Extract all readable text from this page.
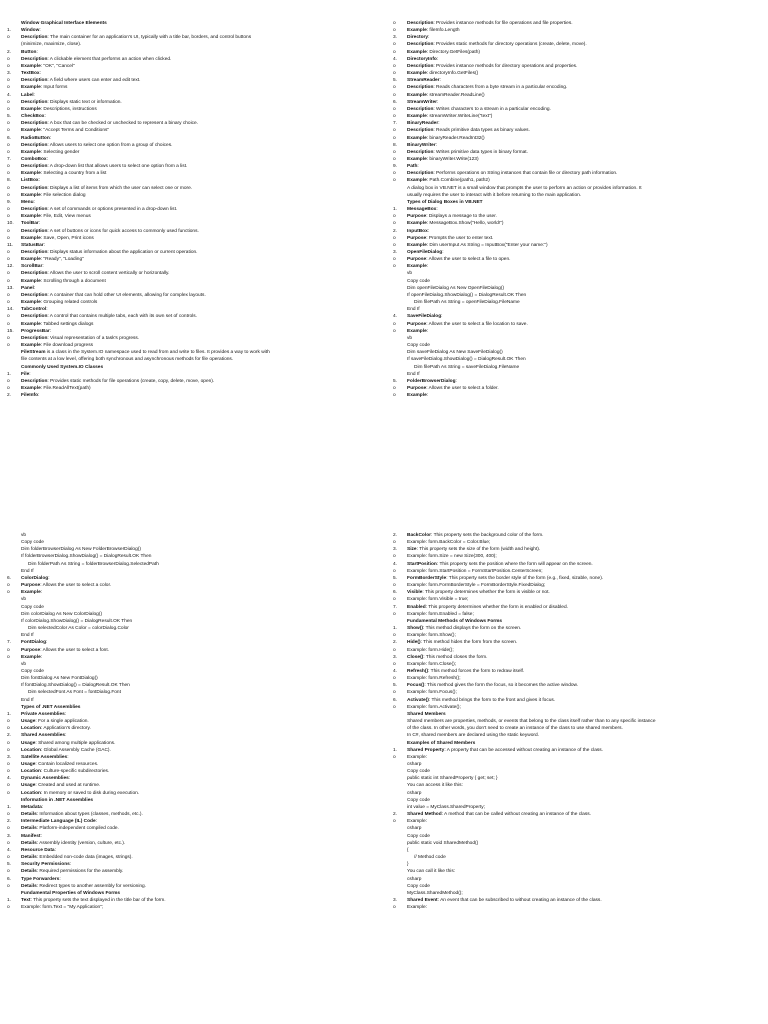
Window Graphical Interface Elements
1.	Window:
o	Description: The main container for an application's UI, typically with a title bar, borders, and control buttons
(minimize, maximize, close).
2.	Button:
o	Description: A clickable element that performs an action when clicked.
o	Example: "OK", "Cancel"
3.	TextBox:
o	Description: A field where users can enter and edit text.
o	Example: Input forms
4.	Label:
o	Description: Displays static text or information.
o	Example: Descriptions, instructions
5.	CheckBox:
o	Description: A box that can be checked or unchecked to represent a binary choice.
o	Example: "Accept Terms and Conditions"
6.	RadioButton:
o	Description: Allows users to select one option from a group of choices.
o	Example: Selecting gender
7.	ComboBox:
o	Description: A drop-down list that allows users to select one option from a list.
o	Example: Selecting a country from a list
8.	ListBox:
o	Description: Displays a list of items from which the user can select one or more.
o	Example: File selection dialog
9.	Menu:
o	Description: A set of commands or options presented in a drop-down list.
o	Example: File, Edit, View menus
10.	ToolBar:
o	Description: A set of buttons or icons for quick access to commonly used functions.
o	Example: Save, Open, Print icons
11.	StatusBar:
o	Description: Displays status information about the application or current operation.
o	Example: "Ready", "Loading"
12.	ScrollBar:
o	Description: Allows the user to scroll content vertically or horizontally.
o	Example: Scrolling through a document
13.	Panel:
o	Description: A container that can hold other UI elements, allowing for complex layouts.
o	Example: Grouping related controls
14.	TabControl:
o	Description: A control that contains multiple tabs, each with its own set of controls.
o	Example: Tabbed settings dialogs
15.	ProgressBar:
o	Description: Visual representation of a task's progress.
o	Example: File download progress
FileStream is a class in the System.IO namespace used to read from and write to files. It provides a way to work with
file contents at a low level, offering both synchronous and asynchronous methods for file operations.
Commonly Used System.IO Classes
1.	File:
o	Description: Provides static methods for file operations (create, copy, delete, move, open).
o	Example: File.ReadAllText(path)
2.	FileInfo:
o	Description: Provides instance methods for file operations and file properties.
o	Example: fileInfo.Length
3.	Directory:
o	Description: Provides static methods for directory operations (create, delete, move).
o	Example: Directory.GetFiles(path)
4.	DirectoryInfo:
o	Description: Provides instance methods for directory operations and properties.
o	Example: directoryInfo.GetFiles()
5.	StreamReader:
o	Description: Reads characters from a byte stream in a particular encoding.
o	Example: streamReader.ReadLine()
6.	StreamWriter:
o	Description: Writes characters to a stream in a particular encoding.
o	Example: streamWriter.WriteLine("text")
7.	BinaryReader:
o	Description: Reads primitive data types as binary values.
o	Example: binaryReader.ReadInt32()
8.	BinaryWriter:
o	Description: Writes primitive data types in binary format.
o	Example: binaryWriter.Write(123)
9.	Path:
o	Description: Performs operations on String instances that contain file or directory path information.
o	Example: Path.Combine(path1, path2)
A dialog box in VB.NET is a small window that prompts the user to perform an action or provides information. It
usually requires the user to interact with it before returning to the main application.
Types of Dialog Boxes in VB.NET
1.	MessageBox:
o	Purpose: Displays a message to the user.
o	Example: MessageBox.Show("Hello, world!")
2.	InputBox:
o	Purpose: Prompts the user to enter text.
o	Example: Dim userInput As String = InputBox("Enter your name:")
3.	OpenFileDialog:
o	Purpose: Allows the user to select a file to open.
o	Example:
vb
Copy code
Dim openFileDialog As New OpenFileDialog()
If openFileDialog.ShowDialog() = DialogResult.OK Then
Dim filePath As String = openFileDialog.FileName
End If
4.	SaveFileDialog:
o	Purpose: Allows the user to select a file location to save.
o	Example:
vb
Copy code
Dim saveFileDialog As New SaveFileDialog()
If saveFileDialog.ShowDialog() = DialogResult.OK Then
Dim filePath As String = saveFileDialog.FileName
End If
5.	FolderBrowserDialog:
o	Purpose: Allows the user to select a folder.
o	Example:
vb
Copy code
Dim folderBrowserDialog As New FolderBrowserDialog()
If folderBrowserDialog.ShowDialog() = DialogResult.OK Then
Dim folderPath As String = folderBrowserDialog.SelectedPath
End If
6.	ColorDialog:
o	Purpose: Allows the user to select a color.
o	Example:
vb
Copy code
Dim colorDialog As New ColorDialog()
If colorDialog.ShowDialog() = DialogResult.OK Then
Dim selectedColor As Color = colorDialog.Color
End If
7.	FontDialog:
o	Purpose: Allows the user to select a font.
o	Example:
vb
Copy code
Dim fontDialog As New FontDialog()
If fontDialog.ShowDialog() = DialogResult.OK Then
Dim selectedFont As Font = fontDialog.Font
End If
Types of .NET Assemblies
1.	Private Assemblies:
o	Usage: For a single application.
o	Location: Application's directory.
2.	Shared Assemblies:
o	Usage: Shared among multiple applications.
o	Location: Global Assembly Cache (GAC).
3.	Satellite Assemblies:
o	Usage: Contain localized resources.
o	Location: Culture-specific subdirectories.
4.	Dynamic Assemblies:
o	Usage: Created and used at runtime.
o	Location: In memory or saved to disk during execution.
Information in .NET Assemblies
1.	Metadata:
o	Details: Information about types (classes, methods, etc.).
2.	Intermediate Language (IL) Code:
o	Details: Platform-independent compiled code.
3.	Manifest:
o	Details: Assembly identity (version, culture, etc.).
4.	Resource Data:
o	Details: Embedded non-code data (images, strings).
5.	Security Permissions:
o	Details: Required permissions for the assembly.
6.	Type Forwarders:
o	Details: Redirect types to another assembly for versioning.
Fundamental Properties of Windows Forms
1.	Text: This property sets the text displayed in the title bar of the form.
o	Example: form.Text = "My Application";
2.	BackColor: This property sets the background color of the form.
o	Example: form.BackColor = Color.Blue;
3.	Size: This property sets the size of the form (width and height).
o	Example: form.Size = new Size(300, 400);
4.	StartPosition: This property sets the position where the form will appear on the screen.
o	Example: form.StartPosition = FormStartPosition.CenterScreen;
5.	FormBorderStyle: This property sets the border style of the form (e.g., fixed, sizable, none).
o	Example: form.FormBorderStyle = FormBorderStyle.FixedDialog;
6.	Visible: This property determines whether the form is visible or not.
o	Example: form.Visible = true;
7.	Enabled: This property determines whether the form is enabled or disabled.
o	Example: form.Enabled = false;
Fundamental Methods of Windows Forms
1.	Show(): This method displays the form on the screen.
o	Example: form.Show();
2.	Hide(): This method hides the form from the screen.
o	Example: form.Hide();
3.	Close(): This method closes the form.
o	Example: form.Close();
4.	Refresh(): This method forces the form to redraw itself.
o	Example: form.Refresh();
5.	Focus(): This method gives the form the focus, so it becomes the active window.
o	Example: form.Focus();
6.	Activate(): This method brings the form to the front and gives it focus.
o	Example: form.Activate();
Shared Members
Shared members are properties, methods, or events that belong to the class itself rather than to any specific instance
of the class. In other words, you don't need to create an instance of the class to use shared members.
In C#, shared members are declared using the static keyword.
Examples of Shared Members
1.	Shared Property: A property that can be accessed without creating an instance of the class.
o	Example:
csharp
Copy code
public static int SharedProperty { get; set; }
You can access it like this:
csharp
Copy code
int value = MyClass.SharedProperty;
2.	Shared Method: A method that can be called without creating an instance of the class.
o	Example:
csharp
Copy code
public static void SharedMethod()
{
// Method code
}
You can call it like this:
csharp
Copy code
MyClass.SharedMethod();
3.	Shared Event: An event that can be subscribed to without creating an instance of the class.
o	Example:
